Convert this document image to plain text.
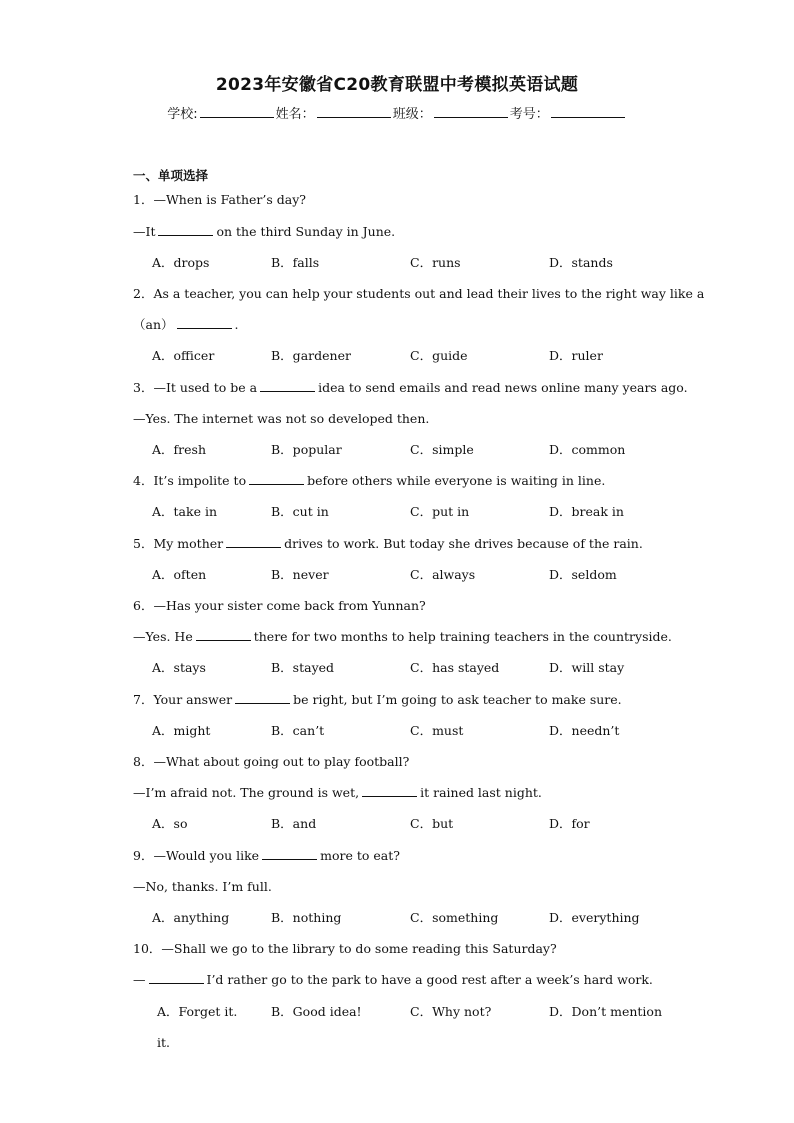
2023年安徽省C20教育联盟中考模拟英语试题
学校:	姓名：	班级：	考号：
一、单项选择
1．—When is Father’s day?
—It	on the third Sunday in June.
A．drops	B．falls	C．runs	D．stands
2．As a teacher, you can help your students out and lead their lives to the right way like a
（an）	.
A．officer	B．gardener	C．guide	D．ruler
3．—It used to be a	idea to send emails and read news online many years ago.
—Yes. The internet was not so developed then.
A．fresh	B．popular	C．simple	D．common
4．It’s impolite to	before others while everyone is waiting in line.
A．take in	B．cut in	C．put in	D．break in
5．My mother	drives to work. But today she drives because of the rain.
A．often	B．never	C．always	D．seldom
6．—Has your sister come back from Yunnan?
—Yes. He	there for two months to help training teachers in the countryside.
A．stays	B．stayed	C．has stayed	D．will stay
7．Your answer	be right, but I’m going to ask teacher to make sure.
A．might	B．can’t	C．must	D．needn’t
8．—What about going out to play football?
—I’m afraid not. The ground is wet,	it rained last night.
A．so	B．and	C．but	D．for
9．—Would you like	more to eat?
—No, thanks. I’m full.
A．anything	B．nothing	C．something	D．everything
10．—Shall we go to the library to do some reading this Saturday?
—	I’d rather go to the park to have a good rest after a week’s hard work.
A．Forget it.	B．Good idea!	C．Why not?	D．Don’t mention
it.
